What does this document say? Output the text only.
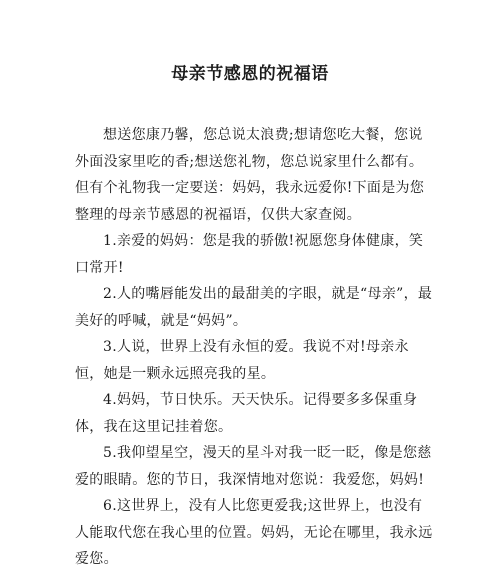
母亲节感恩的祝福语

想送您康乃馨，您总说太浪费;想请您吃大餐，您说外面没家里吃的香;想送您礼物，您总说家里什么都有。但有个礼物我一定要送：妈妈，我永远爱你!下面是为您整理的母亲节感恩的祝福语，仅供大家查阅。

1.亲爱的妈妈：您是我的骄傲!祝愿您身体健康，笑口常开!

2.人的嘴唇能发出的最甜美的字眼，就是“母亲”，最美好的呼喊，就是“妈妈”。

3.人说，世界上没有永恒的爱。我说不对!母亲永恒，她是一颗永远照亮我的星。

4.妈妈，节日快乐。天天快乐。记得要多多保重身体，我在这里记挂着您。

5.我仰望星空，漫天的星斗对我一眨一眨，像是您慈爱的眼睛。您的节日，我深情地对您说：我爱您，妈妈!

6.这世界上，没有人比您更爱我;这世界上，也没有人能取代您在我心里的位置。妈妈，无论在哪里，我永远爱您。
